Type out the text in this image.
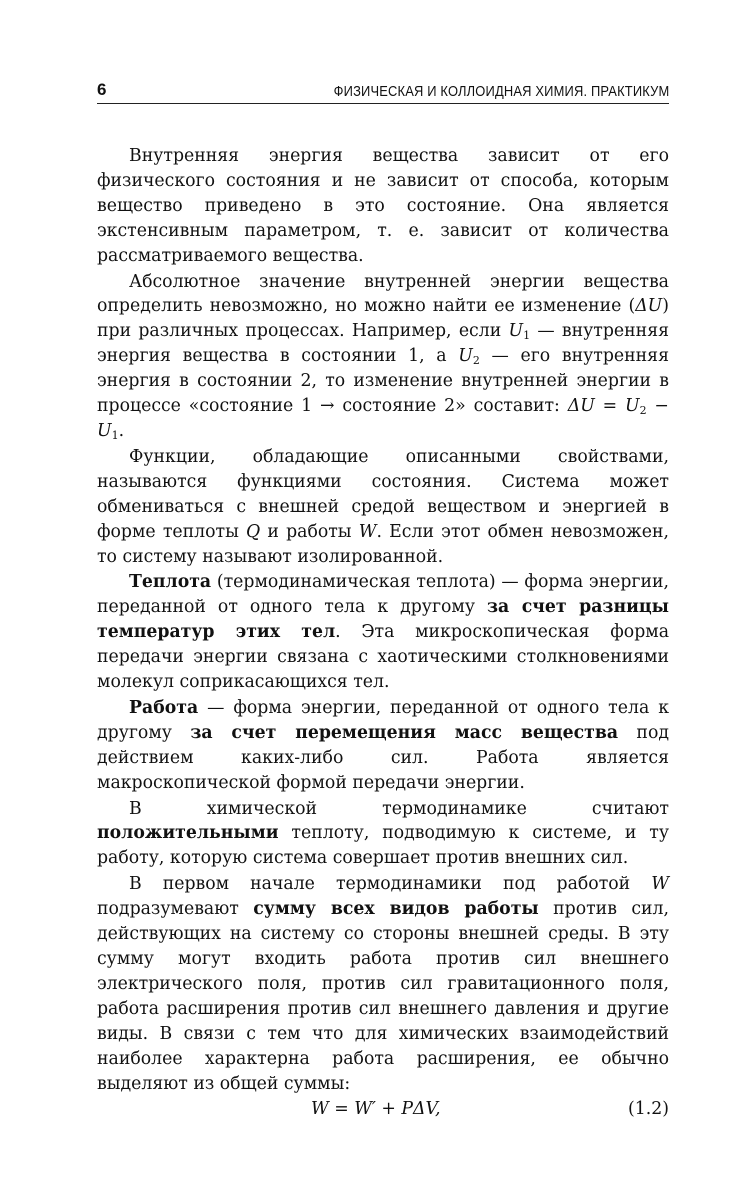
6	ФИЗИЧЕСКАЯ И КОЛЛОИДНАЯ ХИМИЯ. ПРАКТИКУМ

Внутренняя энергия вещества зависит от его физического состояния и не зависит от способа, которым вещество приведено в это состояние. Она является экстенсивным параметром, т. е. зависит от количества рассматриваемого вещества.

Абсолютное значение внутренней энергии вещества определить невозможно, но можно найти ее изменение (ΔU) при различных процессах. Например, если $U_1$ — внутренняя энергия вещества в состоянии 1, а $U_2$ — его внутренняя энергия в состоянии 2, то изменение внутренней энергии в процессе «состояние 1 → состояние 2» составит: $\Delta U = U_2 - U_1$.

Функции, обладающие описанными свойствами, называются функциями состояния. Система может обмениваться с внешней средой веществом и энергией в форме теплоты Q и работы W. Если этот обмен невозможен, то систему называют изолированной.

Теплота (термодинамическая теплота) — форма энергии, переданной от одного тела к другому за счет разницы температур этих тел. Эта микроскопическая форма передачи энергии связана с хаотическими столкновениями молекул соприкасающихся тел.

Работа — форма энергии, переданной от одного тела к другому за счет перемещения масс вещества под действием каких-либо сил. Работа является макроскопической формой передачи энергии.

В химической термодинамике считают положительными теплоту, подводимую к системе, и ту работу, которую система совершает против внешних сил.

В первом начале термодинамики под работой W подразумевают сумму всех видов работы против сил, действующих на систему со стороны внешней среды. В эту сумму могут входить работа против сил внешнего электрического поля, против сил гравитационного поля, работа расширения против сил внешнего давления и другие виды. В связи с тем что для химических взаимодействий наиболее характерна работа расширения, ее обычно выделяют из общей суммы:

W = W′ + PΔV,	(1.2)
